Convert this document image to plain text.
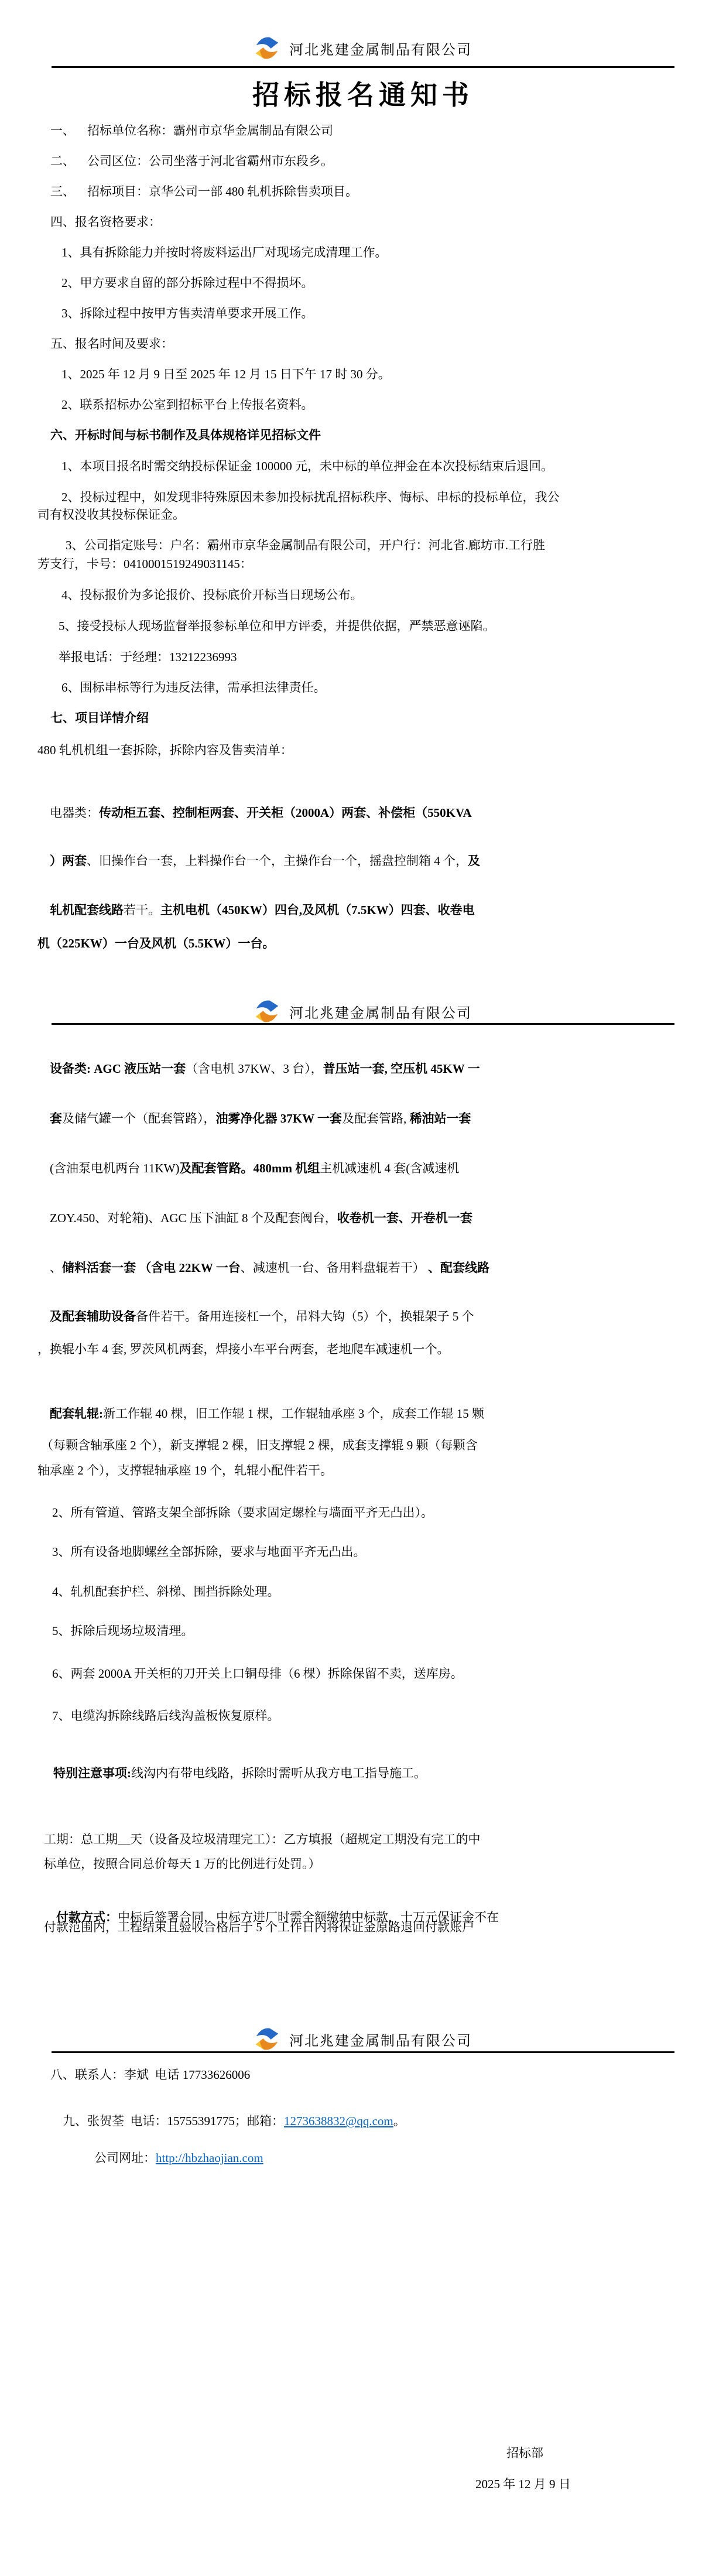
河北兆建金属制品有限公司
招标报名通知书
一、    招标单位名称：霸州市京华金属制品有限公司
二、    公司区位：公司坐落于河北省霸州市东段乡。
三、    招标项目：京华公司一部 480 轧机拆除售卖项目。
四、报名资格要求：
1、具有拆除能力并按时将废料运出厂对现场完成清理工作。
2、甲方要求自留的部分拆除过程中不得损坏。
3、拆除过程中按甲方售卖清单要求开展工作。
五、报名时间及要求：
1、2025 年 12 月 9 日至 2025 年 12 月 15 日下午 17 时 30 分。
2、联系招标办公室到招标平台上传报名资料。
六、开标时间与标书制作及具体规格详见招标文件
1、本项目报名时需交纳投标保证金 100000 元，未中标的单位押金在本次投标结束后退回。
2、投标过程中，如发现非特殊原因未参加投标扰乱招标秩序、悔标、串标的投标单位，我公
司有权没收其投标保证金。
3、公司指定账号：户名：霸州市京华金属制品有限公司，开户行：河北省.廊坊市.工行胜
芳支行，卡号：0410001519249031145：
4、投标报价为多论报价、投标底价开标当日现场公布。
5、接受投标人现场监督举报参标单位和甲方评委，并提供依据，严禁恶意诬陷。
举报电话：于经理：13212236993
6、围标串标等行为违反法律，需承担法律责任。
七、项目详情介绍
480 轧机机组一套拆除，拆除内容及售卖清单：

电器类：传动柜五套、控制柜两套、开关柜（2000A）两套、补偿柜（550KVA

）两套、旧操作台一套，上料操作台一个，主操作台一个，摇盘控制箱 4 个，及

轧机配套线路若干。主机电机（450KW）四台,及风机（7.5KW）四套、收卷电

机（225KW）一台及风机（5.5KW）一台。
河北兆建金属制品有限公司

设备类: AGC 液压站一套（含电机 37KW、3 台），普压站一套, 空压机 45KW 一

套及储气罐一个（配套管路），油雾净化器 37KW 一套及配套管路, 稀油站一套

(含油泵电机两台 11KW)及配套管路。480mm 机组主机减速机 4 套(含减速机

ZOY.450、对轮箱)、AGC 压下油缸 8 个及配套阀台，收卷机一套、开卷机一套

、储料活套一套 （含电 22KW 一台、减速机一台、备用料盘辊若干） 、配套线路

及配套辅助设备备件若干。备用连接杠一个，吊料大钩（5）个，换辊架子 5 个

，换辊小车 4 套, 罗茨风机两套，焊接小车平台两套，老地爬车减速机一个。

配套轧辊:新工作辊 40 棵，旧工作辊 1 棵，工作辊轴承座 3 个，成套工作辊 15 颗

（每颗含轴承座 2 个），新支撑辊 2 棵，旧支撑辊 2 棵，成套支撑辊 9 颗（每颗含
轴承座 2 个），支撑辊轴承座 19 个，轧辊小配件若干。
2、所有管道、管路支架全部拆除（要求固定螺栓与墙面平齐无凸出）。
3、所有设备地脚螺丝全部拆除，要求与地面平齐无凸出。
4、轧机配套护栏、斜梯、围挡拆除处理。
5、拆除后现场垃圾清理。
6、两套 2000A 开关柜的刀开关上口铜母排（6 棵）拆除保留不卖，送库房。
7、电缆沟拆除线路后线沟盖板恢复原样。

特别注意事项:线沟内有带电线路，拆除时需听从我方电工指导施工。

工期：总工期＿天（设备及垃圾清理完工）：乙方填报（超规定工期没有完工的中
标单位，按照合同总价每天 1 万的比例进行处罚。）

付款方式：中标后签署合同，中标方进厂时需全额缴纳中标款，十万元保证金不在

付款范围内，工程结束且验收合格后于 5 个工作日内将保证金原路退回付款账户
河北兆建金属制品有限公司
八、联系人：李斌  电话 17733626006

九、张贺荃  电话：15755391775；邮箱：1273638832@qq.com。

公司网址：http://hbzhaojian.com

招标部
2025 年 12 月 9 日
